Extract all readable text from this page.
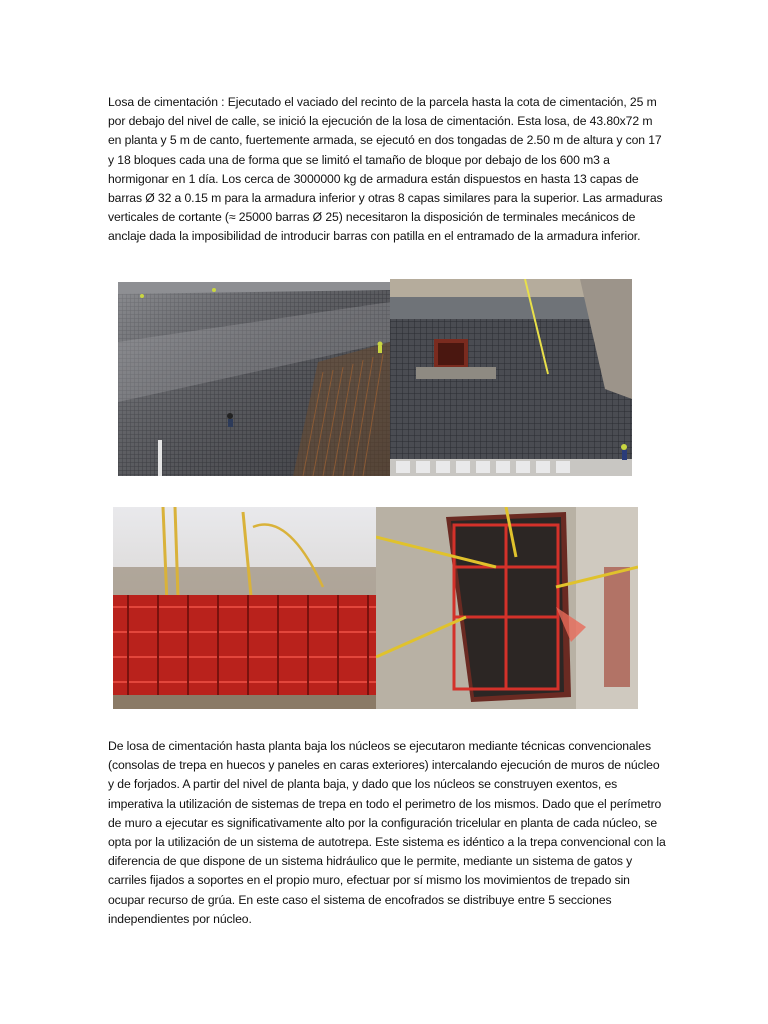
Losa de cimentación : Ejecutado el vaciado del recinto de la parcela hasta la cota de cimentación, 25 m por debajo del nivel de calle, se inició la ejecución de la losa de cimentación. Esta losa, de 43.80x72 m en planta y 5 m de canto, fuertemente armada, se ejecutó en dos tongadas de 2.50 m de altura y con 17 y 18 bloques cada una de forma que se limitó el tamaño de bloque por debajo de los 600 m3 a hormigonar en 1 día. Los cerca de 3000000 kg de armadura están dispuestos en hasta 13 capas de barras Ø 32 a 0.15 m para la armadura inferior y otras 8 capas similares para la superior. Las armaduras verticales de cortante (≈ 25000 barras Ø 25) necesitaron la disposición de terminales mecánicos de anclaje dada la imposibilidad de introducir barras con patilla en el entramado de la armadura inferior.

De losa de cimentación hasta planta baja los núcleos se ejecutaron mediante técnicas convencionales (consolas de trepa en huecos y paneles en caras exteriores) intercalando ejecución de muros de núcleo y de forjados. A partir del nivel de planta baja, y dado que los núcleos se construyen exentos, es imperativa la utilización de sistemas de trepa en todo el perimetro de los mismos. Dado que el perímetro de muro a ejecutar es significativamente alto por la configuración tricelular en planta de cada núcleo, se opta por la utilización de un sistema de autotrepa. Este sistema es idéntico a la trepa convencional con la diferencia de que dispone de un sistema hidráulico que le permite, mediante un sistema de gatos y carriles fijados a soportes en el propio muro, efectuar por sí mismo los movimientos de trepado sin ocupar recurso de grúa. En este caso el sistema de encofrados se distribuye entre 5 secciones independientes por núcleo.
